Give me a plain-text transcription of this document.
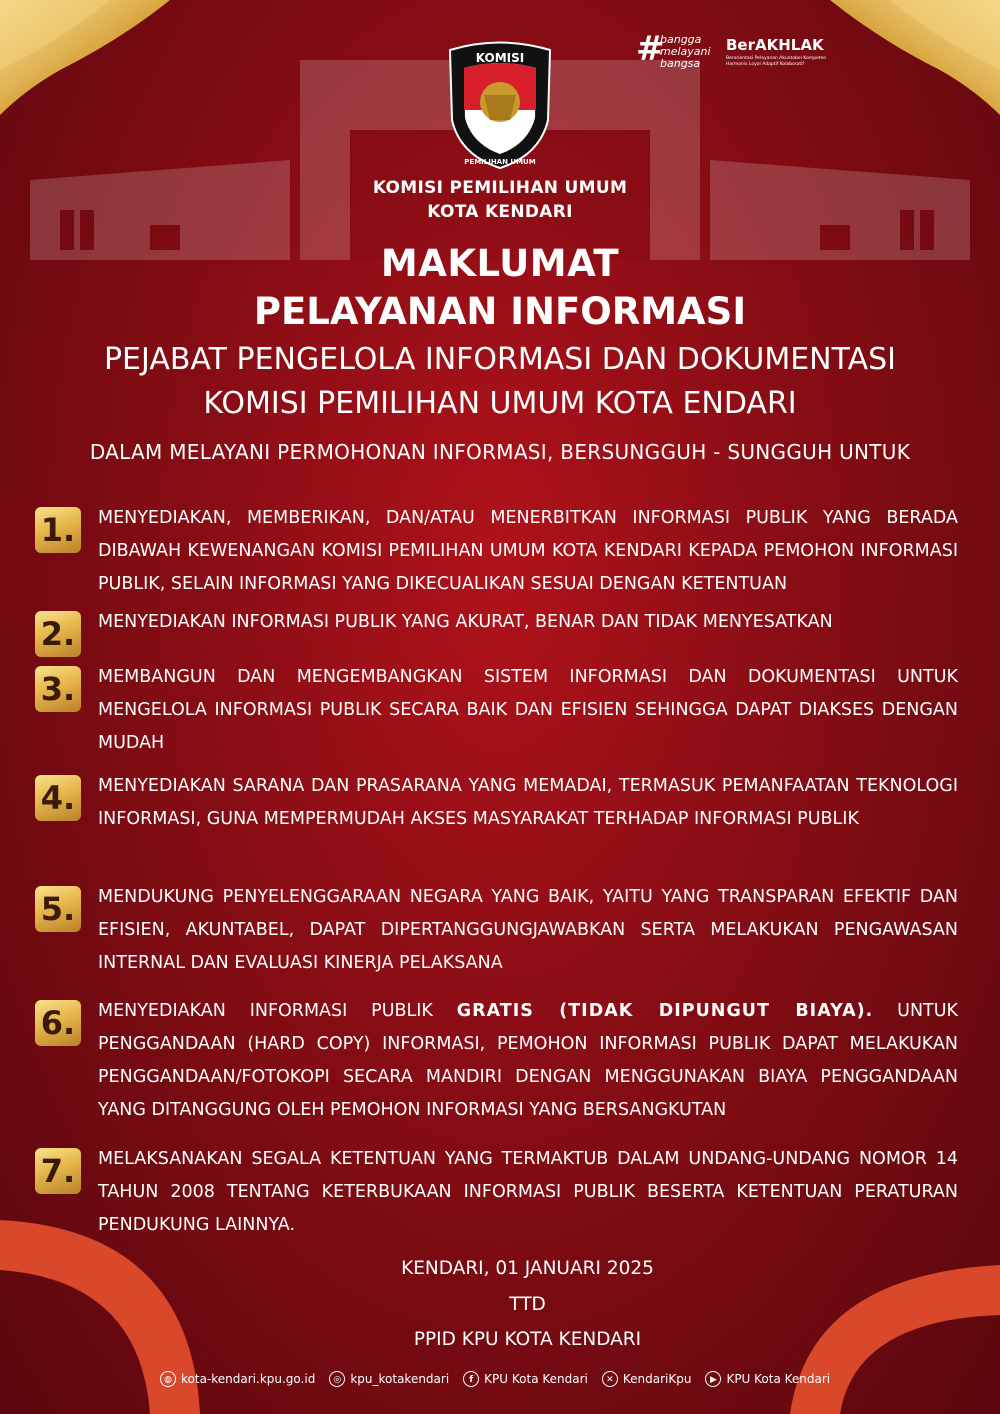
KOMISI
PEMILIHAN UMUM
KOMISI PEMILIHAN UMUM
KOTA KENDARI
#
bangga
melayani
bangsa
BerAKHLAK
Berorientasi Pelayanan Akuntabel Kompeten Harmonis Loyal Adaptif Kolaboratif
MAKLUMAT
PELAYANAN INFORMASI
PEJABAT PENGELOLA INFORMASI DAN DOKUMENTASI
KOMISI PEMILIHAN UMUM KOTA ENDARI
DALAM MELAYANI PERMOHONAN INFORMASI, BERSUNGGUH - SUNGGUH UNTUK
1.	MENYEDIAKAN, MEMBERIKAN, DAN/ATAU MENERBITKAN INFORMASI PUBLIK YANG BERADA DIBAWAH KEWENANGAN KOMISI PEMILIHAN UMUM KOTA KENDARI KEPADA PEMOHON INFORMASI PUBLIK, SELAIN INFORMASI YANG DIKECUALIKAN SESUAI DENGAN KETENTUAN
2.	MENYEDIAKAN INFORMASI PUBLIK YANG AKURAT, BENAR DAN TIDAK MENYESATKAN
3.	MEMBANGUN DAN MENGEMBANGKAN SISTEM INFORMASI DAN DOKUMENTASI UNTUK MENGELOLA INFORMASI PUBLIK SECARA BAIK DAN EFISIEN SEHINGGA DAPAT DIAKSES DENGAN MUDAH
4.	MENYEDIAKAN SARANA DAN PRASARANA YANG MEMADAI, TERMASUK PEMANFAATAN TEKNOLOGI INFORMASI, GUNA MEMPERMUDAH AKSES MASYARAKAT TERHADAP INFORMASI PUBLIK
5.	MENDUKUNG PENYELENGGARAAN NEGARA YANG BAIK, YAITU YANG TRANSPARAN EFEKTIF DAN EFISIEN, AKUNTABEL, DAPAT DIPERTANGGUNGJAWABKAN SERTA MELAKUKAN PENGAWASAN INTERNAL DAN EVALUASI KINERJA PELAKSANA
6.	MENYEDIAKAN INFORMASI PUBLIK GRATIS (TIDAK DIPUNGUT BIAYA). UNTUK PENGGANDAAN (HARD COPY) INFORMASI, PEMOHON INFORMASI PUBLIK DAPAT MELAKUKAN PENGGANDAAN/FOTOKOPI SECARA MANDIRI DENGAN MENGGUNAKAN BIAYA PENGGANDAAN YANG DITANGGUNG OLEH PEMOHON INFORMASI YANG BERSANGKUTAN
7.	MELAKSANAKAN SEGALA KETENTUAN YANG TERMAKTUB DALAM UNDANG-UNDANG NOMOR 14 TAHUN 2008 TENTANG KETERBUKAAN INFORMASI PUBLIK BESERTA KETENTUAN PERATURAN PENDUKUNG LAINNYA.
KENDARI, 01 JANUARI 2025
TTD
PPID KPU KOTA KENDARI
◍ kota-kendari.kpu.go.id	◎ kpu_kotakendari	f KPU Kota Kendari	✕ KendariKpu	▶ KPU Kota Kendari
